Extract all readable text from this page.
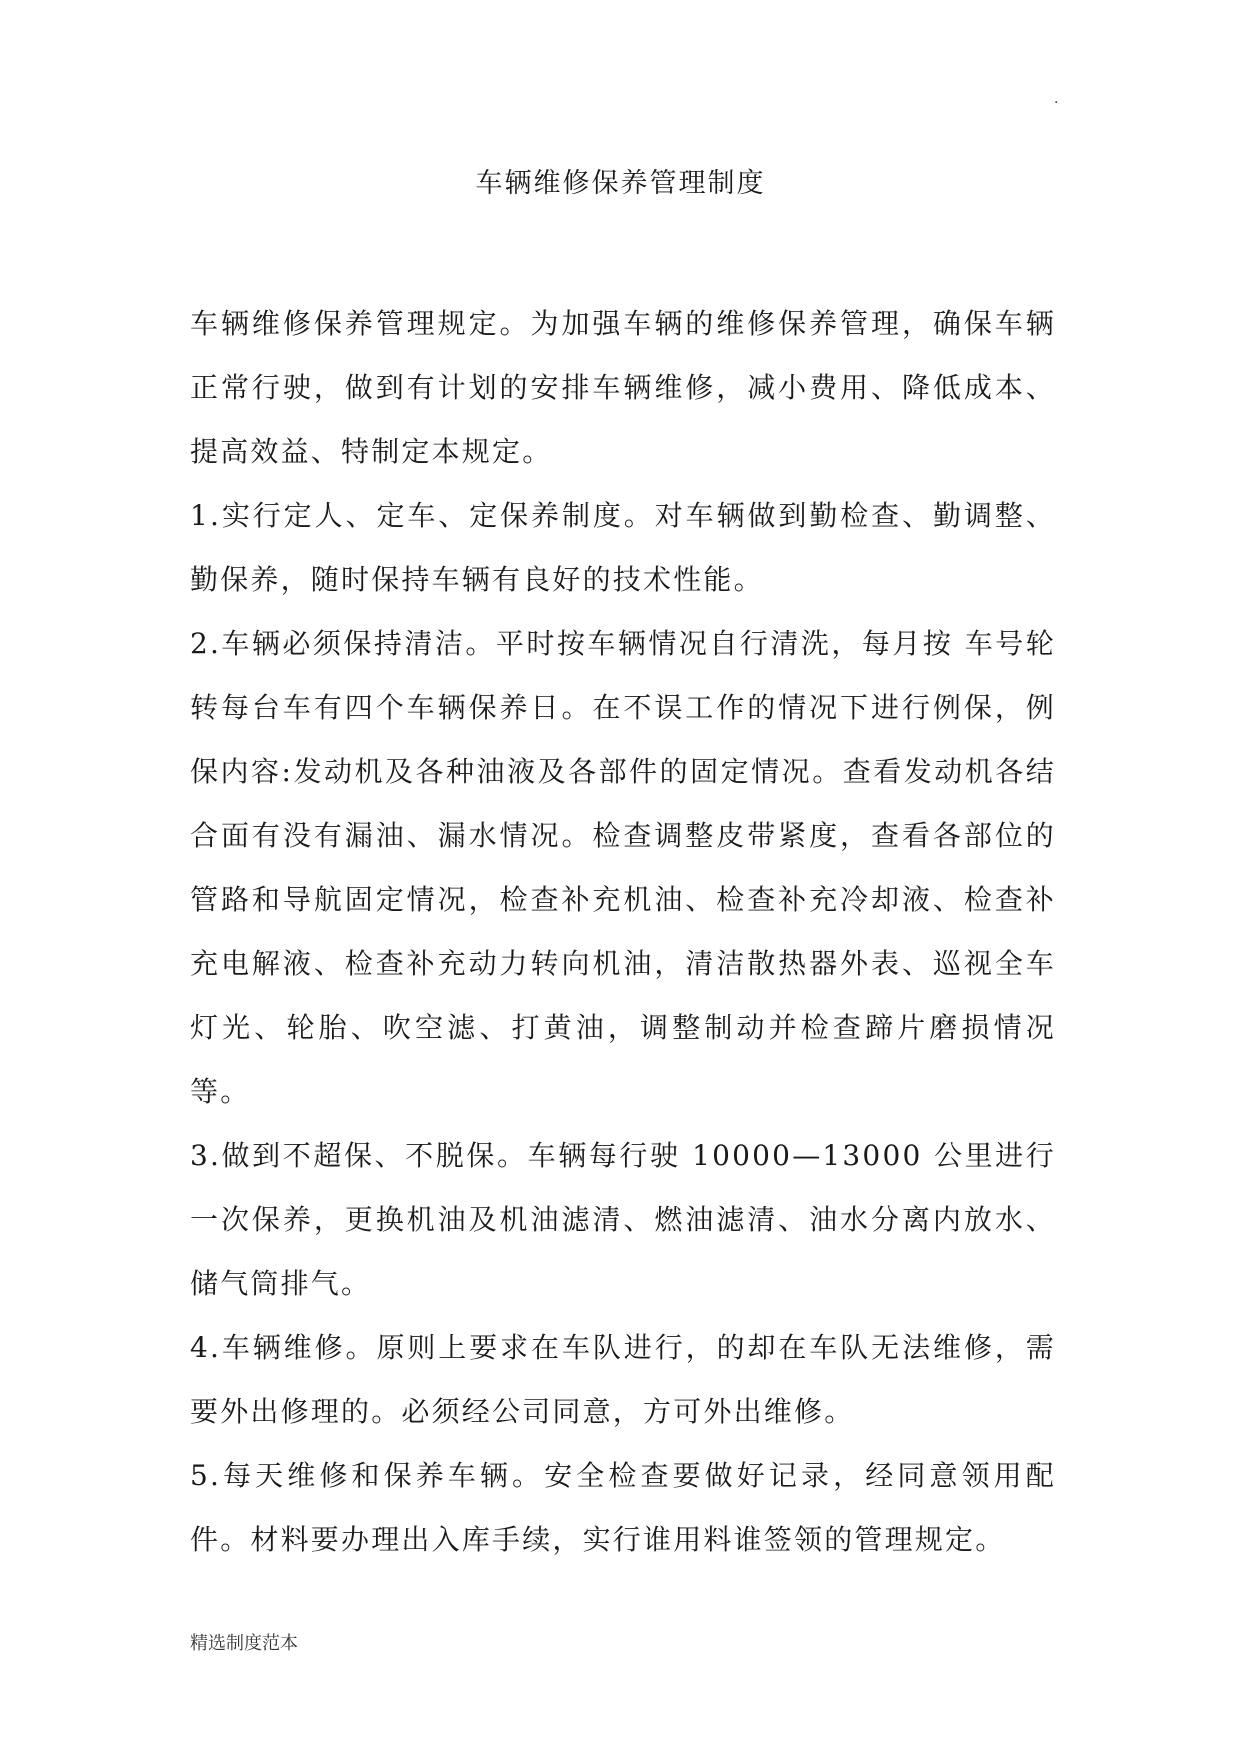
.
车辆维修保养管理制度

车辆维修保养管理规定。为加强车辆的维修保养管理，确保车辆正常行驶，做到有计划的安排车辆维修，减小费用、降低成本、提高效益、特制定本规定。

1.实行定人、定车、定保养制度。对车辆做到勤检查、勤调整、勤保养，随时保持车辆有良好的技术性能。

2.车辆必须保持清洁。平时按车辆情况自行清洗，每月按 车号轮转每台车有四个车辆保养日。在不误工作的情况下进行例保，例保内容:发动机及各种油液及各部件的固定情况。查看发动机各结合面有没有漏油、漏水情况。检查调整皮带紧度，查看各部位的管路和导航固定情况，检查补充机油、检查补充冷却液、检查补充电解液、检查补充动力转向机油，清洁散热器外表、巡视全车灯光、轮胎、吹空滤、打黄油，调整制动并检查蹄片磨损情况等。

3.做到不超保、不脱保。车辆每行驶 10000—13000 公里进行一次保养，更换机油及机油滤清、燃油滤清、油水分离内放水、储气筒排气。

4.车辆维修。原则上要求在车队进行，的却在车队无法维修，需要外出修理的。必须经公司同意，方可外出维修。

5.每天维修和保养车辆。安全检查要做好记录，经同意领用配件。材料要办理出入库手续，实行谁用料谁签领的管理规定。

精选制度范本
